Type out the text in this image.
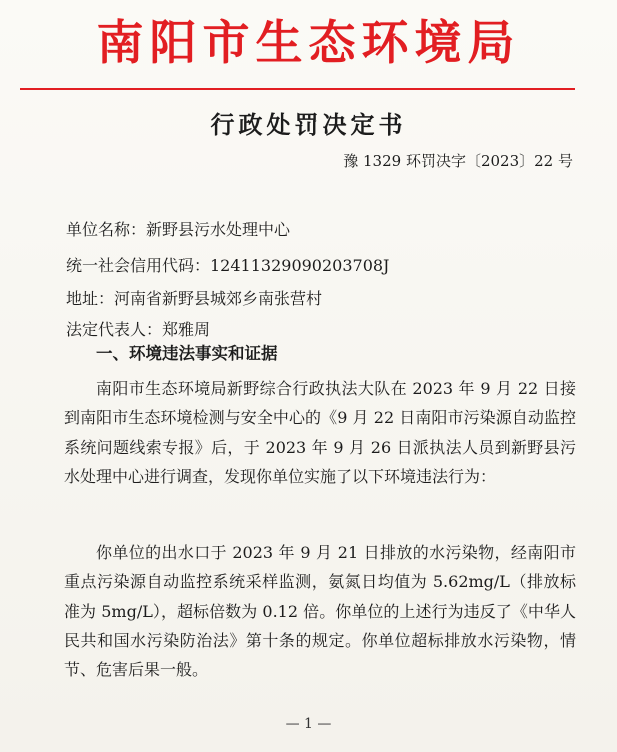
南阳市生态环境局
行政处罚决定书
豫 1329 环罚决字〔2023〕22 号
单位名称：新野县污水处理中心
统一社会信用代码：12411329090203708J
地址：河南省新野县城郊乡南张营村
法定代表人：郑雅周
一、环境违法事实和证据
南阳市生态环境局新野综合行政执法大队在 2023 年 9 月 22 日接到南阳市生态环境检测与安全中心的《9 月 22 日南阳市污染源自动监控系统问题线索专报》后，于 2023 年 9 月 26 日派执法人员到新野县污水处理中心进行调查，发现你单位实施了以下环境违法行为：
你单位的出水口于 2023 年 9 月 21 日排放的水污染物，经南阳市重点污染源自动监控系统采样监测，氨氮日均值为 5.62mg/L（排放标准为 5mg/L），超标倍数为 0.12 倍。你单位的上述行为违反了《中华人民共和国水污染防治法》第十条的规定。你单位超标排放水污染物，情节、危害后果一般。
— 1 —
